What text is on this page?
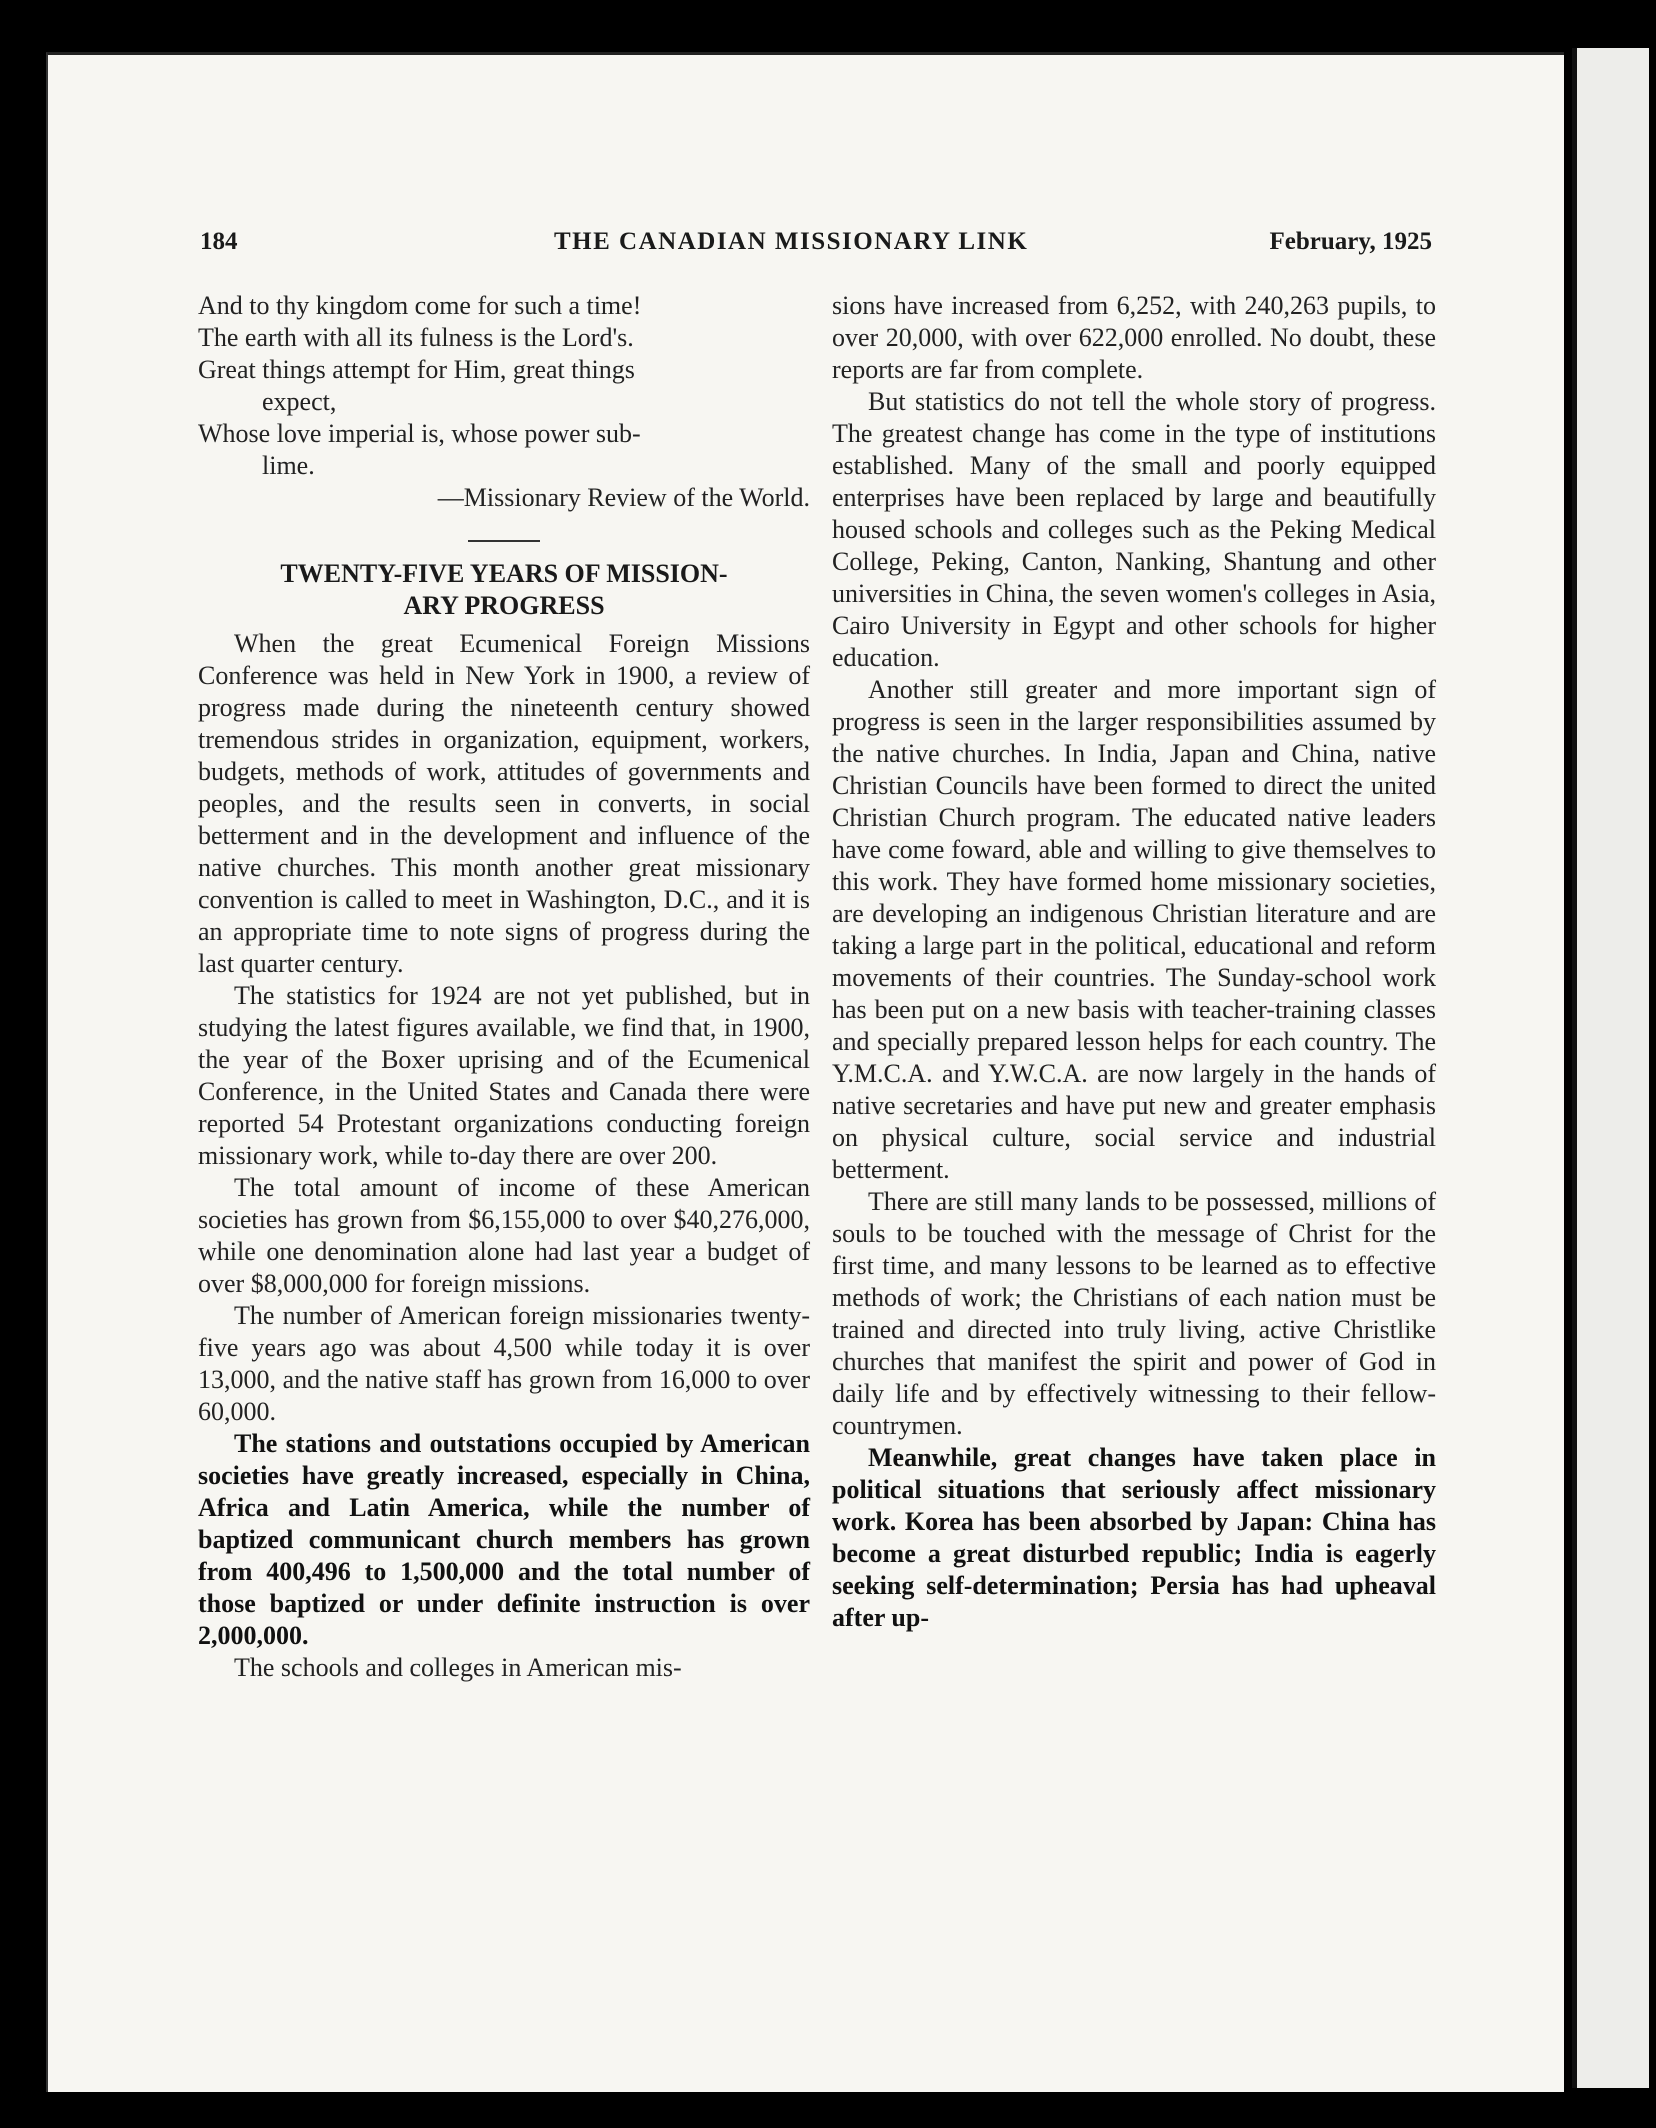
184	THE CANADIAN MISSIONARY LINK	February, 1925
And to thy kingdom come for such a time!
The earth with all its fulness is the Lord's.
Great things attempt for Him, great things
expect,
Whose love imperial is, whose power sub-
lime.
—Missionary Review of the World.
TWENTY-FIVE YEARS OF MISSION-
ARY PROGRESS

When the great Ecumenical Foreign Missions Conference was held in New York in 1900, a review of progress made during the nineteenth century showed tremendous strides in organization, equipment, workers, budgets, methods of work, attitudes of governments and peoples, and the results seen in converts, in social betterment and in the development and influence of the native churches. This month another great missionary convention is called to meet in Washington, D.C., and it is an appropriate time to note signs of progress during the last quarter century.

The statistics for 1924 are not yet published, but in studying the latest figures available, we find that, in 1900, the year of the Boxer uprising and of the Ecumenical Conference, in the United States and Canada there were reported 54 Protestant organizations conducting foreign missionary work, while to-day there are over 200.

The total amount of income of these American societies has grown from $6,155,000 to over $40,276,000, while one denomination alone had last year a budget of over $8,000,000 for foreign missions.

The number of American foreign missionaries twenty-five years ago was about 4,500 while today it is over 13,000, and the native staff has grown from 16,000 to over 60,000.

The stations and outstations occupied by American societies have greatly increased, especially in China, Africa and Latin America, while the number of baptized communicant church members has grown from 400,496 to 1,500,000 and the total number of those baptized or under definite instruction is over 2,000,000.

The schools and colleges in American mis-

sions have increased from 6,252, with 240,263 pupils, to over 20,000, with over 622,000 enrolled. No doubt, these reports are far from complete.

But statistics do not tell the whole story of progress. The greatest change has come in the type of institutions established. Many of the small and poorly equipped enterprises have been replaced by large and beautifully housed schools and colleges such as the Peking Medical College, Peking, Canton, Nanking, Shantung and other universities in China, the seven women's colleges in Asia, Cairo University in Egypt and other schools for higher education.

Another still greater and more important sign of progress is seen in the larger responsibilities assumed by the native churches. In India, Japan and China, native Christian Councils have been formed to direct the united Christian Church program. The educated native leaders have come foward, able and willing to give themselves to this work. They have formed home missionary societies, are developing an indigenous Christian literature and are taking a large part in the political, educational and reform movements of their countries. The Sunday-school work has been put on a new basis with teacher-training classes and specially prepared lesson helps for each country. The Y.M.C.A. and Y.W.C.A. are now largely in the hands of native secretaries and have put new and greater emphasis on physical culture, social service and industrial betterment.

There are still many lands to be possessed, millions of souls to be touched with the message of Christ for the first time, and many lessons to be learned as to effective methods of work; the Christians of each nation must be trained and directed into truly living, active Christlike churches that manifest the spirit and power of God in daily life and by effectively witnessing to their fellow-countrymen.

Meanwhile, great changes have taken place in political situations that seriously affect missionary work. Korea has been absorbed by Japan: China has become a great disturbed republic; India is eagerly seeking self-determination; Persia has had upheaval after up-
